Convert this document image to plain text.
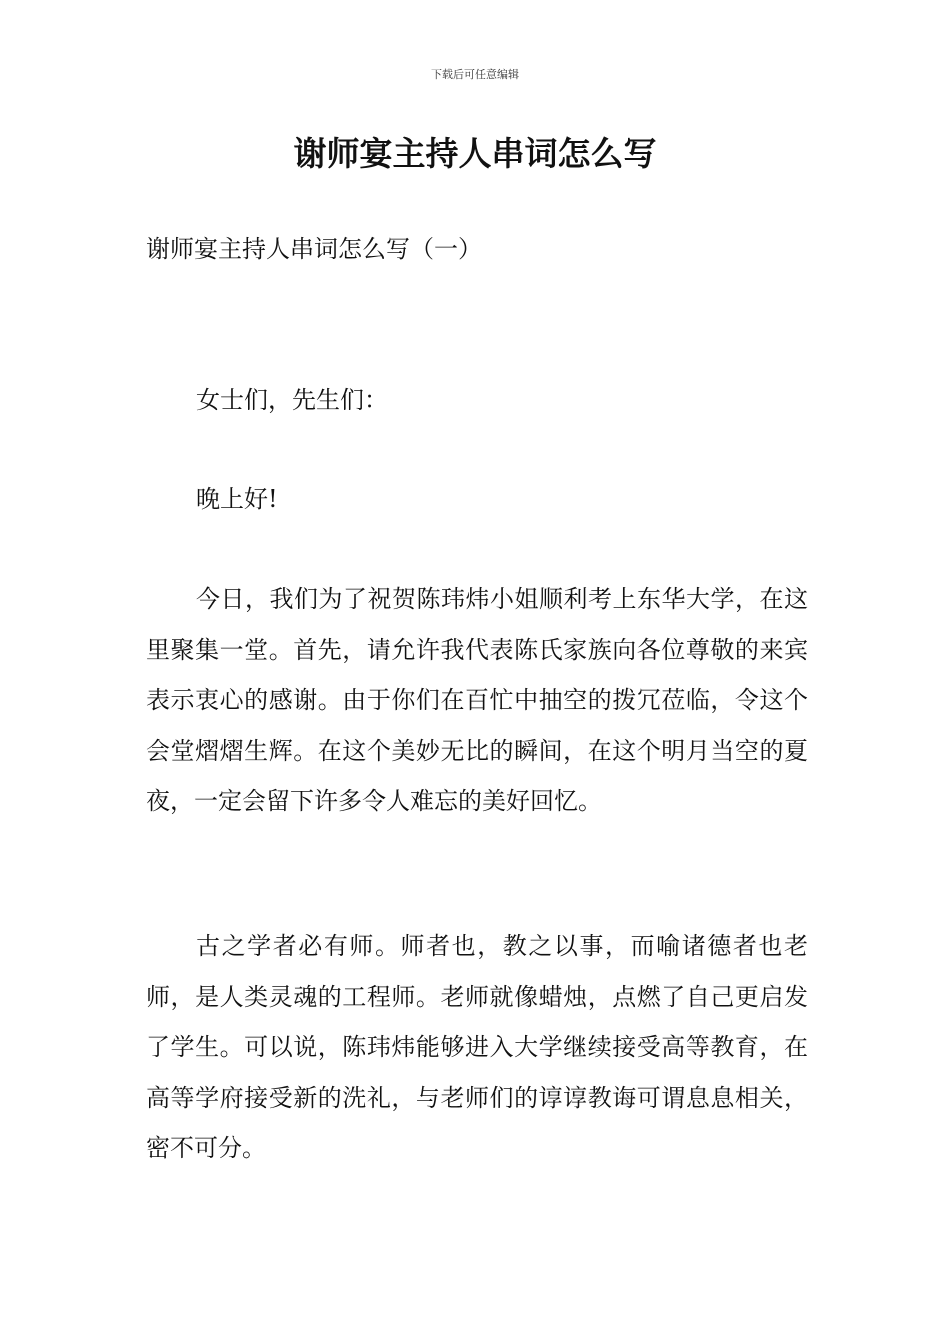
下载后可任意编辑
谢师宴主持人串词怎么写
谢师宴主持人串词怎么写（一）

女士们，先生们：

晚上好!

今日，我们为了祝贺陈玮炜小姐顺利考上东华大学，在这里聚集一堂。首先，请允许我代表陈氏家族向各位尊敬的来宾表示衷心的感谢。由于你们在百忙中抽空的拨冗莅临，令这个会堂熠熠生辉。在这个美妙无比的瞬间，在这个明月当空的夏夜，一定会留下许多令人难忘的美好回忆。

古之学者必有师。师者也，教之以事，而喻诸德者也老师，是人类灵魂的工程师。老师就像蜡烛，点燃了自己更启发了学生。可以说，陈玮炜能够进入大学继续接受高等教育，在高等学府接受新的洗礼，与老师们的谆谆教诲可谓息息相关，密不可分。
